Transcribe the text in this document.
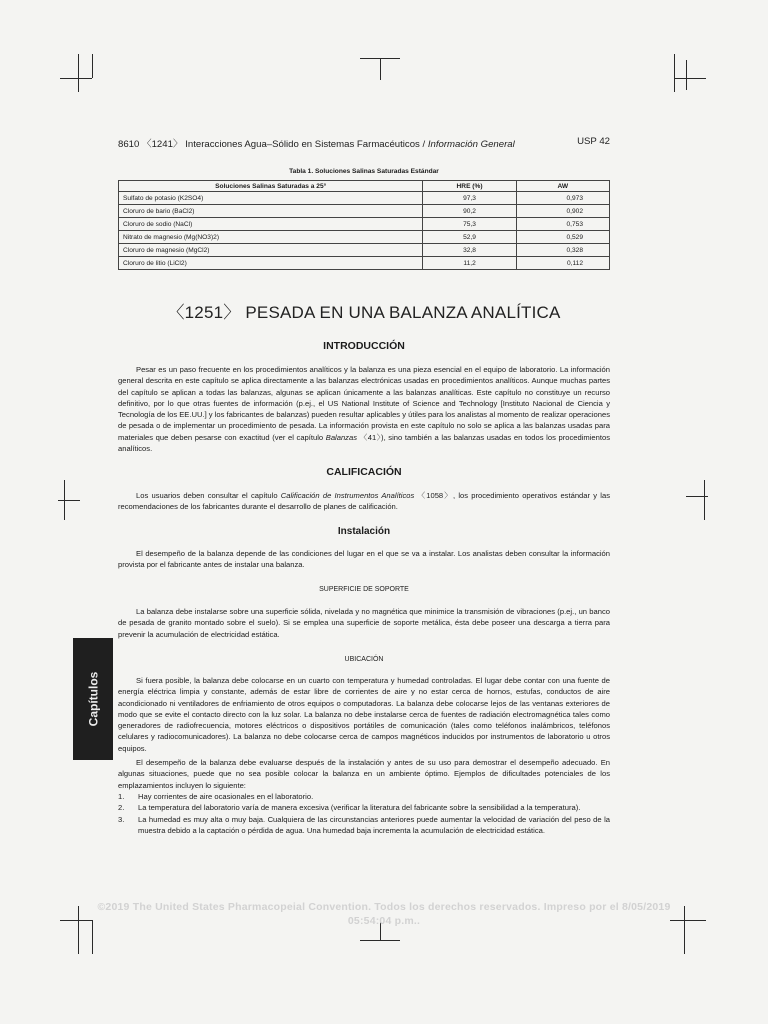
8610 〈1241〉 Interacciones Agua–Sólido en Sistemas Farmacéuticos / Información General	USP 42
Tabla 1. Soluciones Salinas Saturadas Estándar
Soluciones Salinas Saturadas a 25°	HRE (%)	AW
Sulfato de potasio (K2SO4)	97,3	0,973
Cloruro de bario (BaCl2)	90,2	0,902
Cloruro de sodio (NaCl)	75,3	0,753
Nitrato de magnesio (Mg(NO3)2)	52,9	0,529
Cloruro de magnesio (MgCl2)	32,8	0,328
Cloruro de litio (LiCl2)	11,2	0,112
〈1251〉 PESADA EN UNA BALANZA ANALÍTICA
INTRODUCCIÓN

Pesar es un paso frecuente en los procedimientos analíticos y la balanza es una pieza esencial en el equipo de laboratorio. La información general descrita en este capítulo se aplica directamente a las balanzas electrónicas usadas en procedimientos analíticos. Aunque muchas partes del capítulo se aplican a todas las balanzas, algunas se aplican únicamente a las balanzas analíticas. Este capítulo no constituye un recurso definitivo, por lo que otras fuentes de información (p.ej., el US National Institute of Science and Technology [Instituto Nacional de Ciencia y Tecnología de los EE.UU.] y los fabricantes de balanzas) pueden resultar aplicables y útiles para los analistas al momento de realizar operaciones de pesada o de implementar un procedimiento de pesada. La información provista en este capítulo no solo se aplica a las balanzas usadas para materiales que deben pesarse con exactitud (ver el capítulo Balanzas 〈41〉), sino también a las balanzas usadas en todos los procedimientos analíticos.

CALIFICACIÓN

Los usuarios deben consultar el capítulo Calificación de Instrumentos Analíticos 〈1058〉, los procedimiento operativos estándar y las recomendaciones de los fabricantes durante el desarrollo de planes de calificación.

Instalación

El desempeño de la balanza depende de las condiciones del lugar en el que se va a instalar. Los analistas deben consultar la información provista por el fabricante antes de instalar una balanza.

SUPERFICIE DE SOPORTE

La balanza debe instalarse sobre una superficie sólida, nivelada y no magnética que minimice la transmisión de vibraciones (p.ej., un banco de pesada de granito montado sobre el suelo). Si se emplea una superficie de soporte metálica, ésta debe poseer una descarga a tierra para prevenir la acumulación de electricidad estática.

UBICACIÓN

Si fuera posible, la balanza debe colocarse en un cuarto con temperatura y humedad controladas. El lugar debe contar con una fuente de energía eléctrica limpia y constante, además de estar libre de corrientes de aire y no estar cerca de hornos, estufas, conductos de aire acondicionado ni ventiladores de enfriamiento de otros equipos o computadoras. La balanza debe colocarse lejos de las ventanas exteriores de modo que se evite el contacto directo con la luz solar. La balanza no debe instalarse cerca de fuentes de radiación electromagnética tales como generadores de radiofrecuencia, motores eléctricos o dispositivos portátiles de comunicación (tales como teléfonos inalámbricos, teléfonos celulares y radiocomunicadores). La balanza no debe colocarse cerca de campos magnéticos inducidos por instrumentos de laboratorio u otros equipos.

El desempeño de la balanza debe evaluarse después de la instalación y antes de su uso para demostrar el desempeño adecuado. En algunas situaciones, puede que no sea posible colocar la balanza en un ambiente óptimo. Ejemplos de dificultades potenciales de los emplazamientos incluyen lo siguiente:

1. Hay corrientes de aire ocasionales en el laboratorio.
2. La temperatura del laboratorio varía de manera excesiva (verificar la literatura del fabricante sobre la sensibilidad a la temperatura).
3. La humedad es muy alta o muy baja. Cualquiera de las circunstancias anteriores puede aumentar la velocidad de variación del peso de la muestra debido a la captación o pérdida de agua. Una humedad baja incrementa la acumulación de electricidad estática.
Capítulos
©2019 The United States Pharmacopeial Convention. Todos los derechos reservados. Impreso por el 8/05/2019
05:54:04 p.m..
